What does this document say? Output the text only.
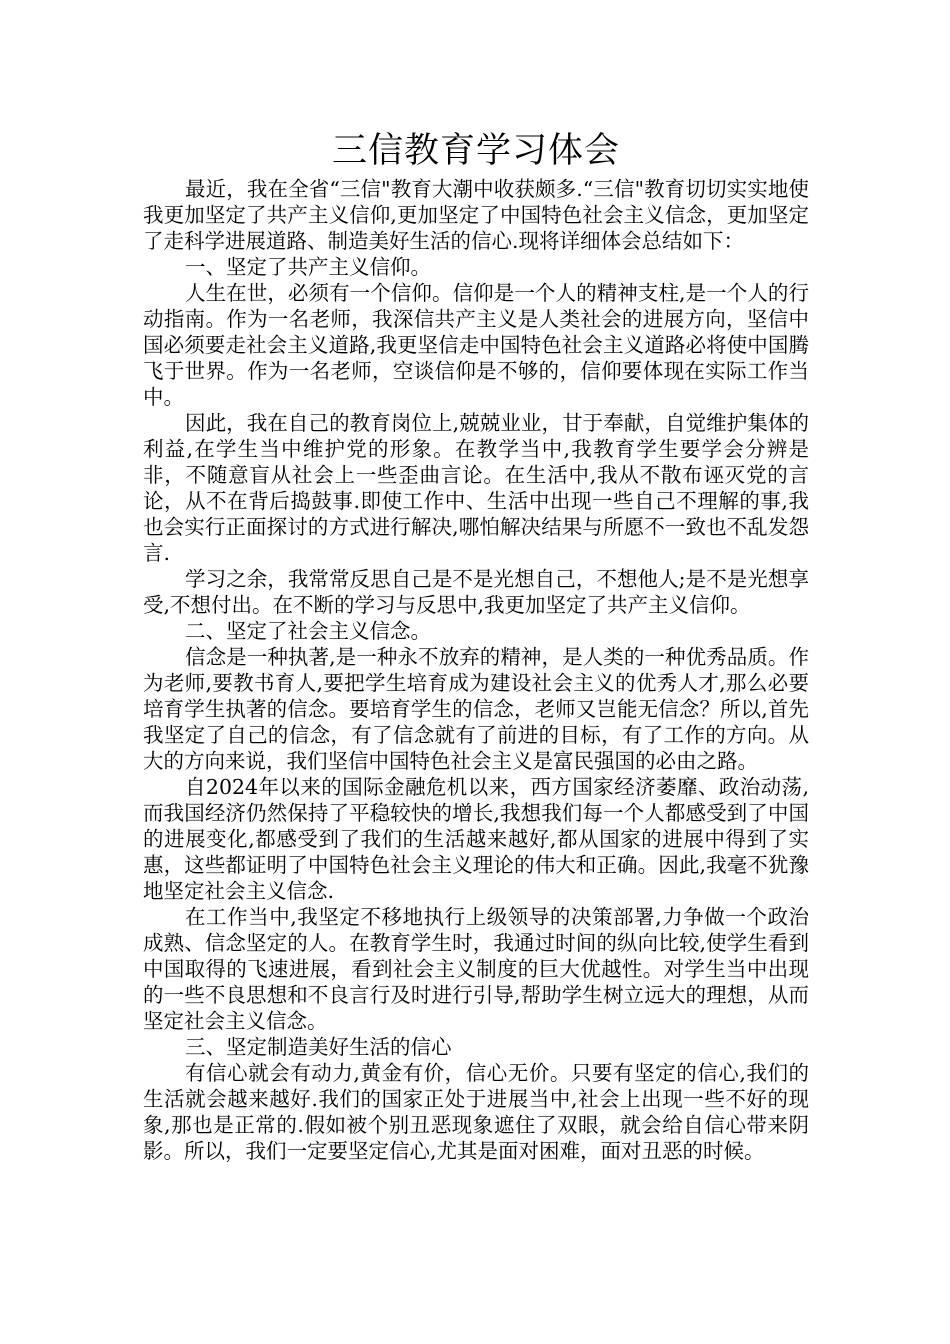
三信教育学习体会

最近，我在全省“三信"教育大潮中收获颇多.“三信"教育切切实实地使我更加坚定了共产主义信仰,更加坚定了中国特色社会主义信念，更加坚定了走科学进展道路、制造美好生活的信心.现将详细体会总结如下：

一、坚定了共产主义信仰。

人生在世，必须有一个信仰。信仰是一个人的精神支柱,是一个人的行动指南。作为一名老师，我深信共产主义是人类社会的进展方向，坚信中国必须要走社会主义道路,我更坚信走中国特色社会主义道路必将使中国腾飞于世界。作为一名老师，空谈信仰是不够的，信仰要体现在实际工作当中。

因此，我在自己的教育岗位上,兢兢业业，甘于奉献，自觉维护集体的利益,在学生当中维护党的形象。在教学当中,我教育学生要学会分辨是非，不随意盲从社会上一些歪曲言论。在生活中,我从不散布诬灭党的言论，从不在背后捣鼓事.即使工作中、生活中出现一些自己不理解的事,我也会实行正面探讨的方式进行解决,哪怕解决结果与所愿不一致也不乱发怨言.

学习之余，我常常反思自己是不是光想自己，不想他人;是不是光想享受,不想付出。在不断的学习与反思中,我更加坚定了共产主义信仰。

二、坚定了社会主义信念。

信念是一种执著,是一种永不放弃的精神，是人类的一种优秀品质。作为老师,要教书育人,要把学生培育成为建设社会主义的优秀人才,那么必要培育学生执著的信念。要培育学生的信念，老师又岂能无信念？所以,首先我坚定了自己的信念，有了信念就有了前进的目标，有了工作的方向。从大的方向来说，我们坚信中国特色社会主义是富民强国的必由之路。

自2024年以来的国际金融危机以来，西方国家经济萎靡、政治动荡,而我国经济仍然保持了平稳较快的增长,我想我们每一个人都感受到了中国的进展变化,都感受到了我们的生活越来越好,都从国家的进展中得到了实惠，这些都证明了中国特色社会主义理论的伟大和正确。因此,我毫不犹豫地坚定社会主义信念.

在工作当中,我坚定不移地执行上级领导的决策部署,力争做一个政治成熟、信念坚定的人。在教育学生时，我通过时间的纵向比较,使学生看到中国取得的飞速进展，看到社会主义制度的巨大优越性。对学生当中出现的一些不良思想和不良言行及时进行引导,帮助学生树立远大的理想，从而坚定社会主义信念。

三、坚定制造美好生活的信心

有信心就会有动力,黄金有价，信心无价。只要有坚定的信心,我们的生活就会越来越好.我们的国家正处于进展当中,社会上出现一些不好的现象,那也是正常的.假如被个别丑恶现象遮住了双眼，就会给自信心带来阴影。所以，我们一定要坚定信心,尤其是面对困难，面对丑恶的时候。
